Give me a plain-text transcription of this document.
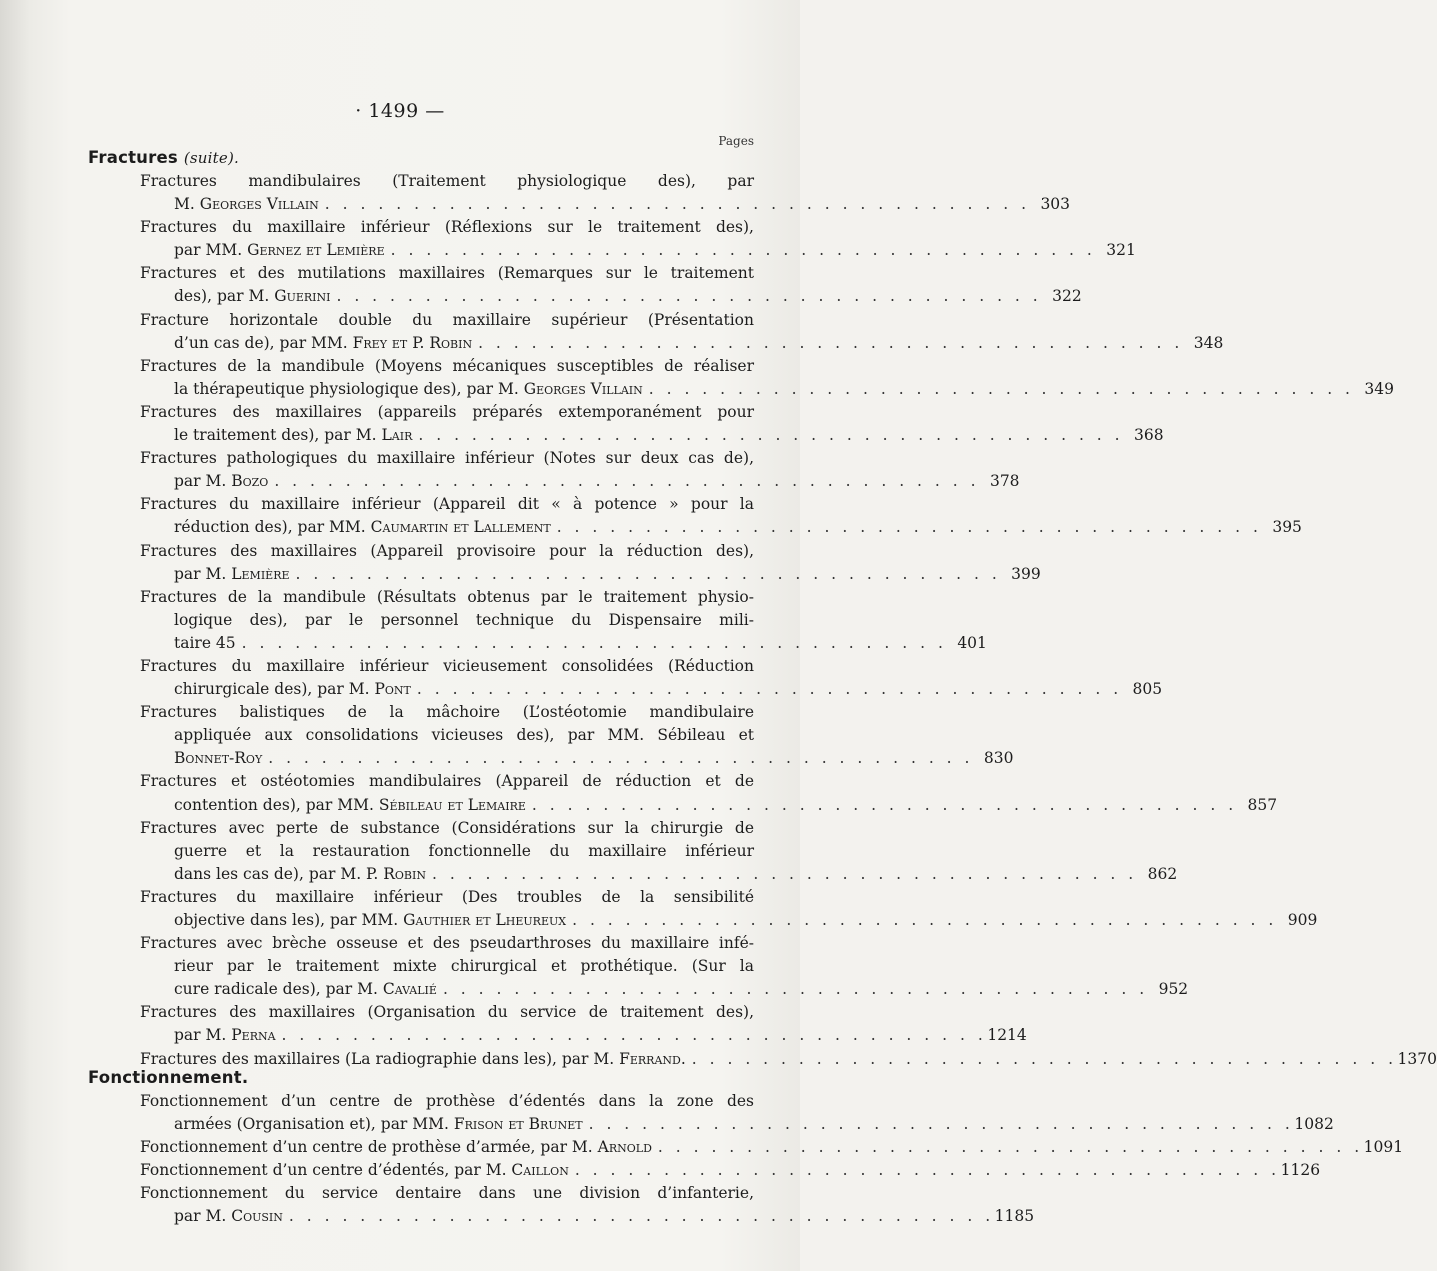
· 1499 —
Pages
Fractures (suite).
Fractures mandibulaires (Traitement physiologique des), par
M. Georges Villain . . . . . . . . . . . . . . . . . . . . . . . . . . . . . . . . . . . . . . . . 303
Fractures du maxillaire inférieur (Réflexions sur le traitement des),
par MM. Gernez et Lemière . . . . . . . . . . . . . . . . . . . . . . . . . . . . . . . . . . . . . . . . 321
Fractures et des mutilations maxillaires (Remarques sur le traitement
des), par M. Guerini . . . . . . . . . . . . . . . . . . . . . . . . . . . . . . . . . . . . . . . . 322
Fracture horizontale double du maxillaire supérieur (Présentation
d’un cas de), par MM. Frey et P. Robin . . . . . . . . . . . . . . . . . . . . . . . . . . . . . . . . . . . . . . . . 348
Fractures de la mandibule (Moyens mécaniques susceptibles de réaliser
la thérapeutique physiologique des), par M. Georges Villain . . . . . . . . . . . . . . . . . . . . . . . . . . . . . . . . . . . . . . . . 349
Fractures des maxillaires (appareils préparés extemporanément pour
le traitement des), par M. Lair . . . . . . . . . . . . . . . . . . . . . . . . . . . . . . . . . . . . . . . . 368
Fractures pathologiques du maxillaire inférieur (Notes sur deux cas de),
par M. Bozo . . . . . . . . . . . . . . . . . . . . . . . . . . . . . . . . . . . . . . . . 378
Fractures du maxillaire inférieur (Appareil dit « à potence » pour la
réduction des), par MM. Caumartin et Lallement . . . . . . . . . . . . . . . . . . . . . . . . . . . . . . . . . . . . . . . . 395
Fractures des maxillaires (Appareil provisoire pour la réduction des),
par M. Lemière . . . . . . . . . . . . . . . . . . . . . . . . . . . . . . . . . . . . . . . . 399
Fractures de la mandibule (Résultats obtenus par le traitement physio-
logique des), par le personnel technique du Dispensaire mili-
taire 45 . . . . . . . . . . . . . . . . . . . . . . . . . . . . . . . . . . . . . . . . 401
Fractures du maxillaire inférieur vicieusement consolidées (Réduction
chirurgicale des), par M. Pont . . . . . . . . . . . . . . . . . . . . . . . . . . . . . . . . . . . . . . . . 805
Fractures balistiques de la mâchoire (L’ostéotomie mandibulaire
appliquée aux consolidations vicieuses des), par MM. Sébileau et
Bonnet-Roy . . . . . . . . . . . . . . . . . . . . . . . . . . . . . . . . . . . . . . . . 830
Fractures et ostéotomies mandibulaires (Appareil de réduction et de
contention des), par MM. Sébileau et Lemaire . . . . . . . . . . . . . . . . . . . . . . . . . . . . . . . . . . . . . . . . 857
Fractures avec perte de substance (Considérations sur la chirurgie de
guerre et la restauration fonctionnelle du maxillaire inférieur
dans les cas de), par M. P. Robin . . . . . . . . . . . . . . . . . . . . . . . . . . . . . . . . . . . . . . . . 862
Fractures du maxillaire inférieur (Des troubles de la sensibilité
objective dans les), par MM. Gauthier et Lheureux . . . . . . . . . . . . . . . . . . . . . . . . . . . . . . . . . . . . . . . . 909
Fractures avec brèche osseuse et des pseudarthroses du maxillaire infé-
rieur par le traitement mixte chirurgical et prothétique. (Sur la
cure radicale des), par M. Cavalié . . . . . . . . . . . . . . . . . . . . . . . . . . . . . . . . . . . . . . . . 952
Fractures des maxillaires (Organisation du service de traitement des),
par M. Perna . . . . . . . . . . . . . . . . . . . . . . . . . . . . . . . . . . . . . . . . 1214
Fractures des maxillaires (La radiographie dans les), par M. Ferrand. . . . . . . . . . . . . . . . . . . . . . . . . . . . . . . . . . . . . . . . . 1370
Fonctionnement.
Fonctionnement d’un centre de prothèse d’édentés dans la zone des
armées (Organisation et), par MM. Frison et Brunet . . . . . . . . . . . . . . . . . . . . . . . . . . . . . . . . . . . . . . . . 1082
Fonctionnement d’un centre de prothèse d’armée, par M. Arnold . . . . . . . . . . . . . . . . . . . . . . . . . . . . . . . . . . . . . . . . 1091
Fonctionnement d’un centre d’édentés, par M. Caillon . . . . . . . . . . . . . . . . . . . . . . . . . . . . . . . . . . . . . . . . 1126
Fonctionnement du service dentaire dans une division d’infanterie,
par M. Cousin . . . . . . . . . . . . . . . . . . . . . . . . . . . . . . . . . . . . . . . . 1185
